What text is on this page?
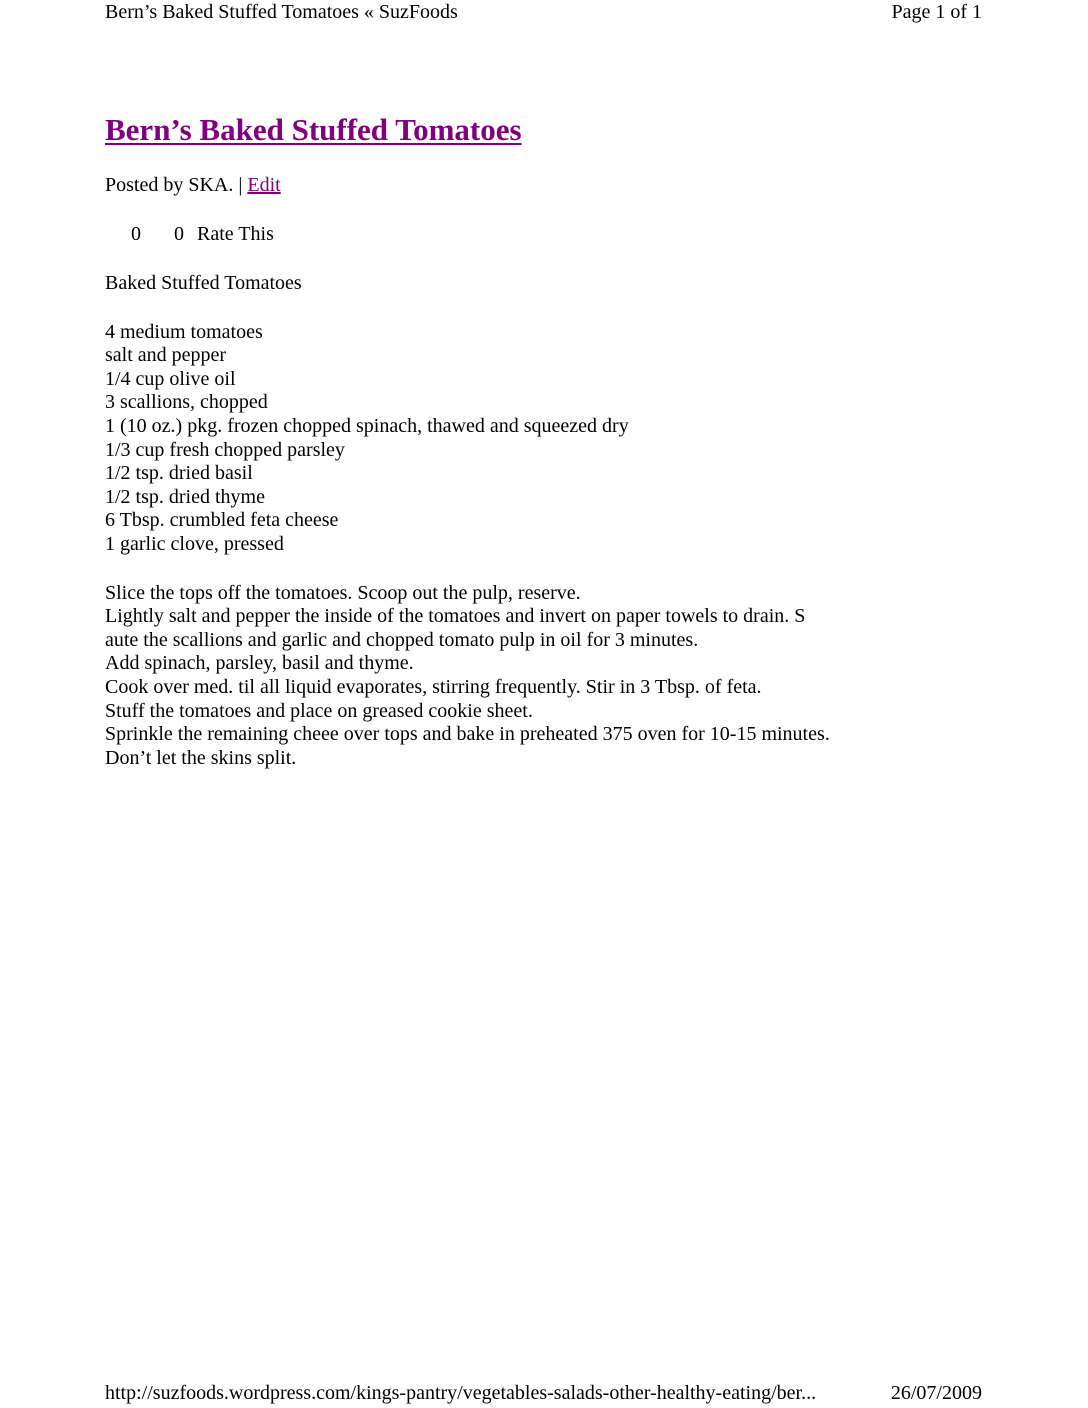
Bern’s Baked Stuffed Tomatoes « SuzFoods	Page 1 of 1
Bern’s Baked Stuffed Tomatoes
Posted by SKA. | Edit
0	0 Rate This

Baked Stuffed Tomatoes

4 medium tomatoes
salt and pepper
1/4 cup olive oil
3 scallions, chopped
1 (10 oz.) pkg. frozen chopped spinach, thawed and squeezed dry
1/3 cup fresh chopped parsley
1/2 tsp. dried basil
1/2 tsp. dried thyme
6 Tbsp. crumbled feta cheese
1 garlic clove, pressed
Slice the tops off the tomatoes. Scoop out the pulp, reserve.
Lightly salt and pepper the inside of the tomatoes and invert on paper towels to drain. S
aute the scallions and garlic and chopped tomato pulp in oil for 3 minutes.
Add spinach, parsley, basil and thyme.
Cook over med. til all liquid evaporates, stirring frequently. Stir in 3 Tbsp. of feta.
Stuff the tomatoes and place on greased cookie sheet.
Sprinkle the remaining cheee over tops and bake in preheated 375 oven for 10-15 minutes.
Don’t let the skins split.
http://suzfoods.wordpress.com/kings-pantry/vegetables-salads-other-healthy-eating/ber...	26/07/2009
